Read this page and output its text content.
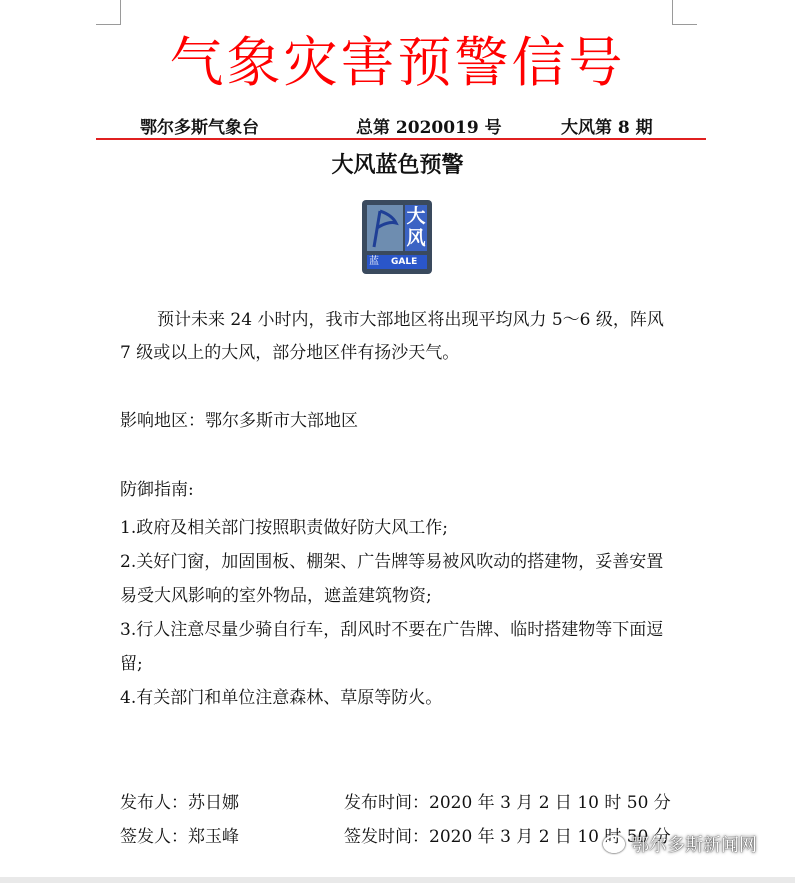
气象灾害预警信号
鄂尔多斯气象台	总第 2020019 号	大风第 8 期
大风蓝色预警
大
风
蓝 GALE
预计未来 24 小时内，我市大部地区将出现平均风力 5～6 级，阵风 7 级或以上的大风，部分地区伴有扬沙天气。
影响地区：鄂尔多斯市大部地区
防御指南:
1.政府及相关部门按照职责做好防大风工作;
2.关好门窗，加固围板、棚架、广告牌等易被风吹动的搭建物，妥善安置易受大风影响的室外物品，遮盖建筑物资;
3.行人注意尽量少骑自行车，刮风时不要在广告牌、临时搭建物等下面逗留;
4.有关部门和单位注意森林、草原等防火。
发布人：苏日娜	发布时间：2020 年 3 月 2 日 10 时 50 分
签发人：郑玉峰	签发时间：2020 年 3 月 2 日 10 时 50 分
鄂尔多斯新闻网
